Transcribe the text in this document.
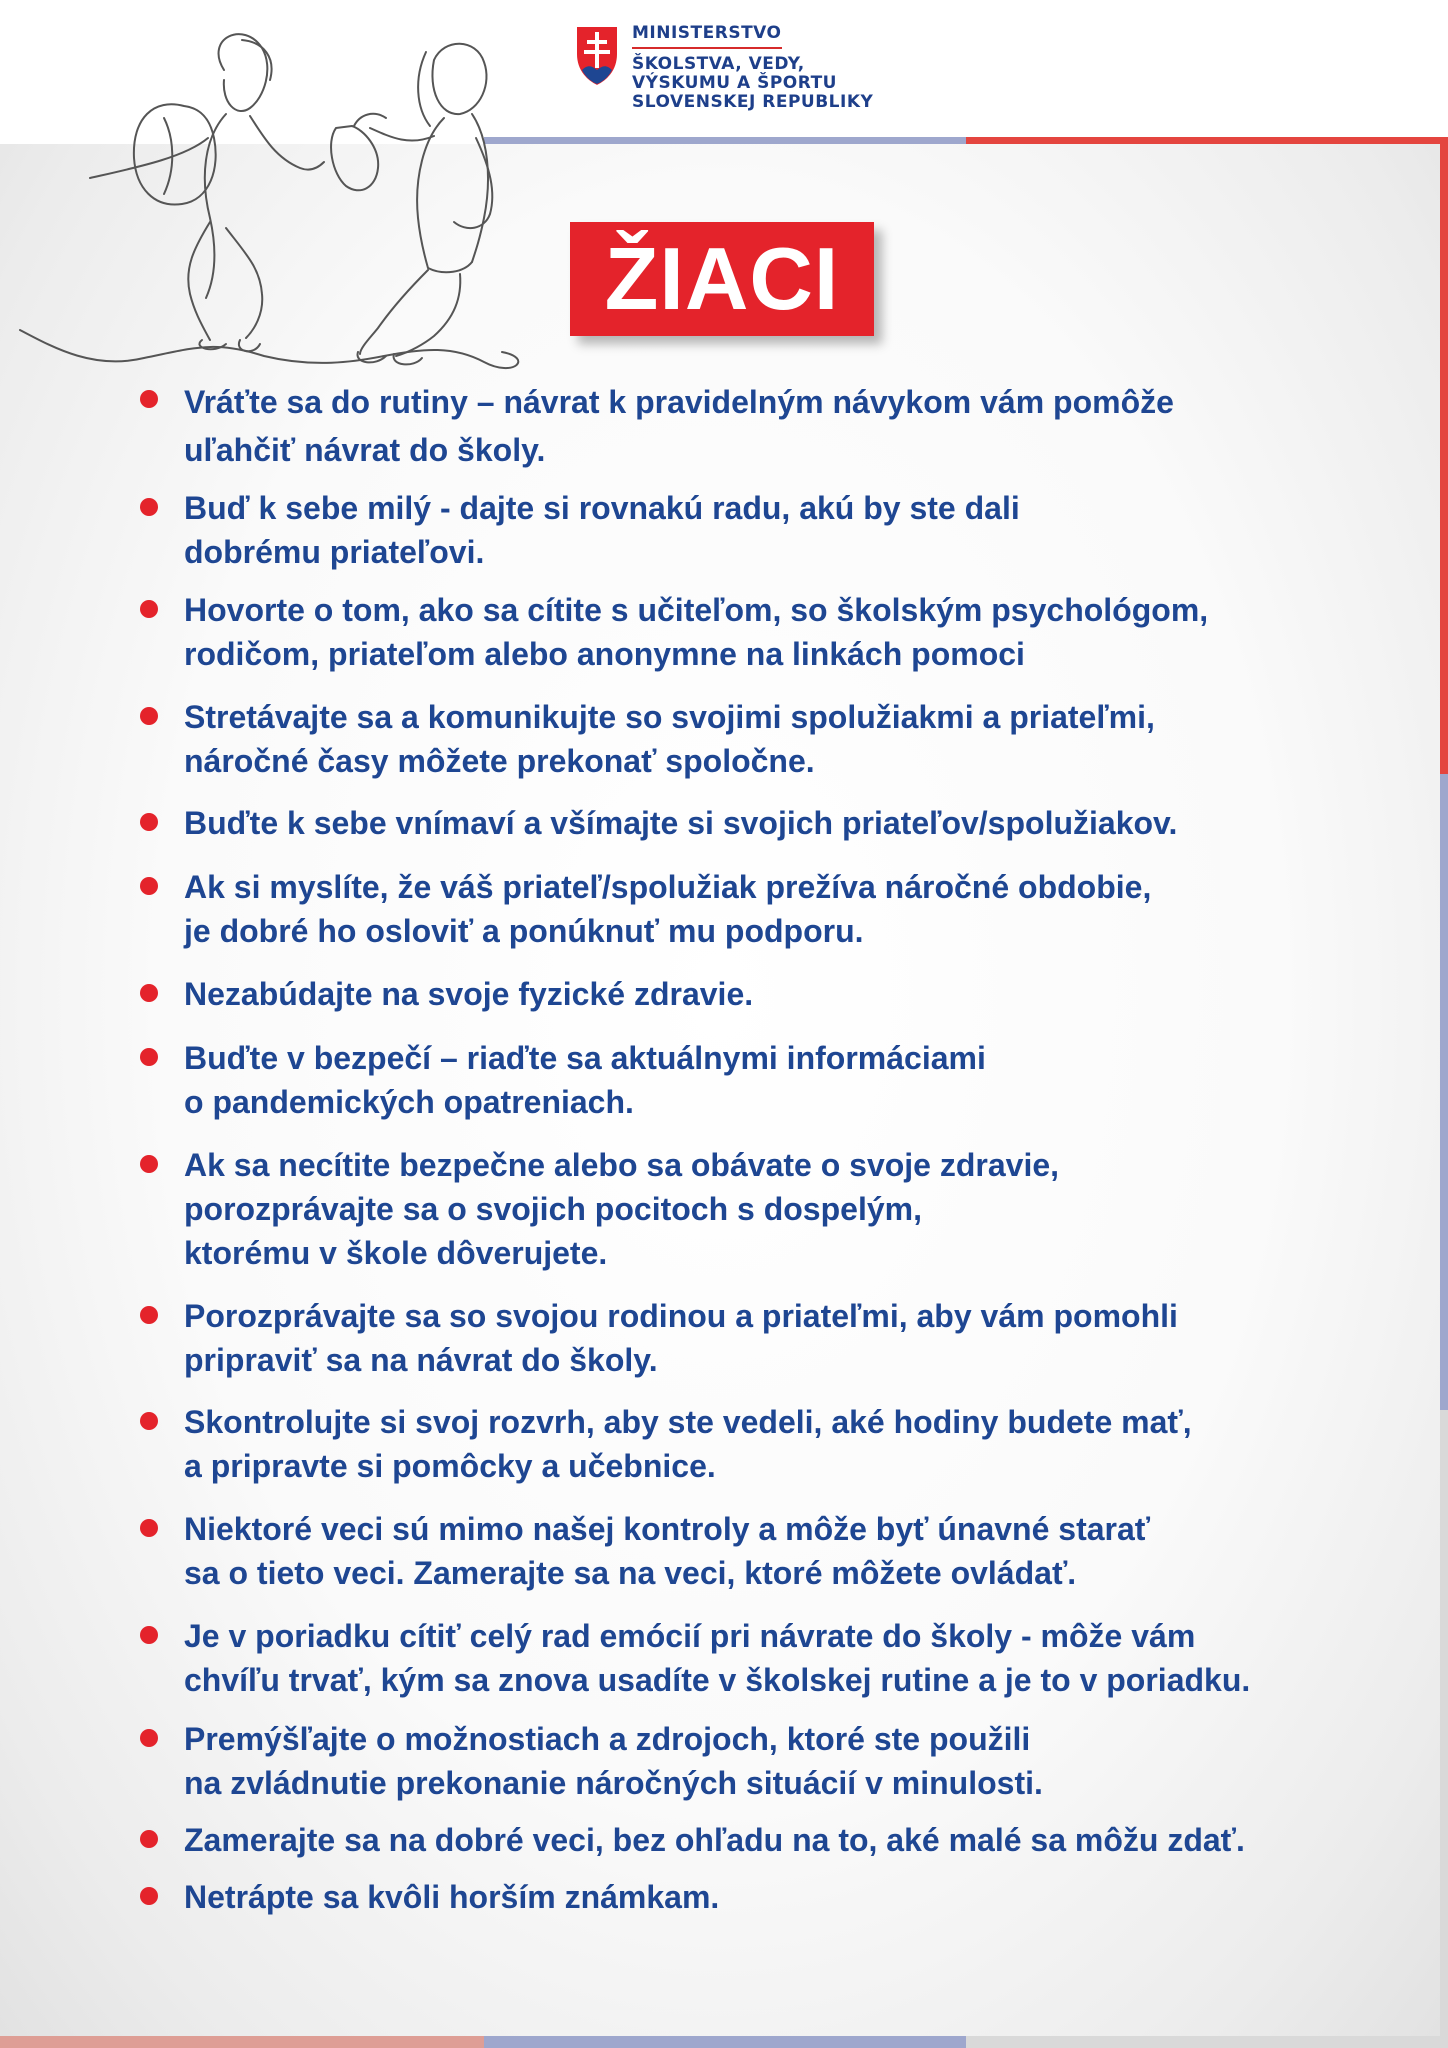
MINISTERSTVO
ŠKOLSTVA, VEDY,
VÝSKUMU A ŠPORTU
SLOVENSKEJ REPUBLIKY
ŽIACI
Vráťte sa do rutiny – návrat k pravidelným návykom vám pomôže
uľahčiť návrat do školy.
Buď k sebe milý - dajte si rovnakú radu, akú by ste dali
dobrému priateľovi.
Hovorte o tom, ako sa cítite s učiteľom, so školským psychológom,
rodičom, priateľom alebo anonymne na linkách pomoci
Stretávajte sa a komunikujte so svojimi spolužiakmi a priateľmi,
náročné časy môžete prekonať spoločne.
Buďte k sebe vnímaví a všímajte si svojich priateľov/spolužiakov.
Ak si myslíte, že váš priateľ/spolužiak prežíva náročné obdobie,
je dobré ho osloviť a ponúknuť mu podporu.
Nezabúdajte na svoje fyzické zdravie.
Buďte v bezpečí – riaďte sa aktuálnymi informáciami
o pandemických opatreniach.
Ak sa necítite bezpečne alebo sa obávate o svoje zdravie,
porozprávajte sa o svojich pocitoch s dospelým,
ktorému v škole dôverujete.
Porozprávajte sa so svojou rodinou a priateľmi, aby vám pomohli
pripraviť sa na návrat do školy.
Skontrolujte si svoj rozvrh, aby ste vedeli, aké hodiny budete mať,
a pripravte si pomôcky a učebnice.
Niektoré veci sú mimo našej kontroly a môže byť únavné starať
sa o tieto veci. Zamerajte sa na veci, ktoré môžete ovládať.
Je v poriadku cítiť celý rad emócií pri návrate do školy - môže vám
chvíľu trvať, kým sa znova usadíte v školskej rutine a je to v poriadku.
Premýšľajte o možnostiach a zdrojoch, ktoré ste použili
na zvládnutie prekonanie náročných situácií v minulosti.
Zamerajte sa na dobré veci, bez ohľadu na to, aké malé sa môžu zdať.
Netrápte sa kvôli horším známkam.
